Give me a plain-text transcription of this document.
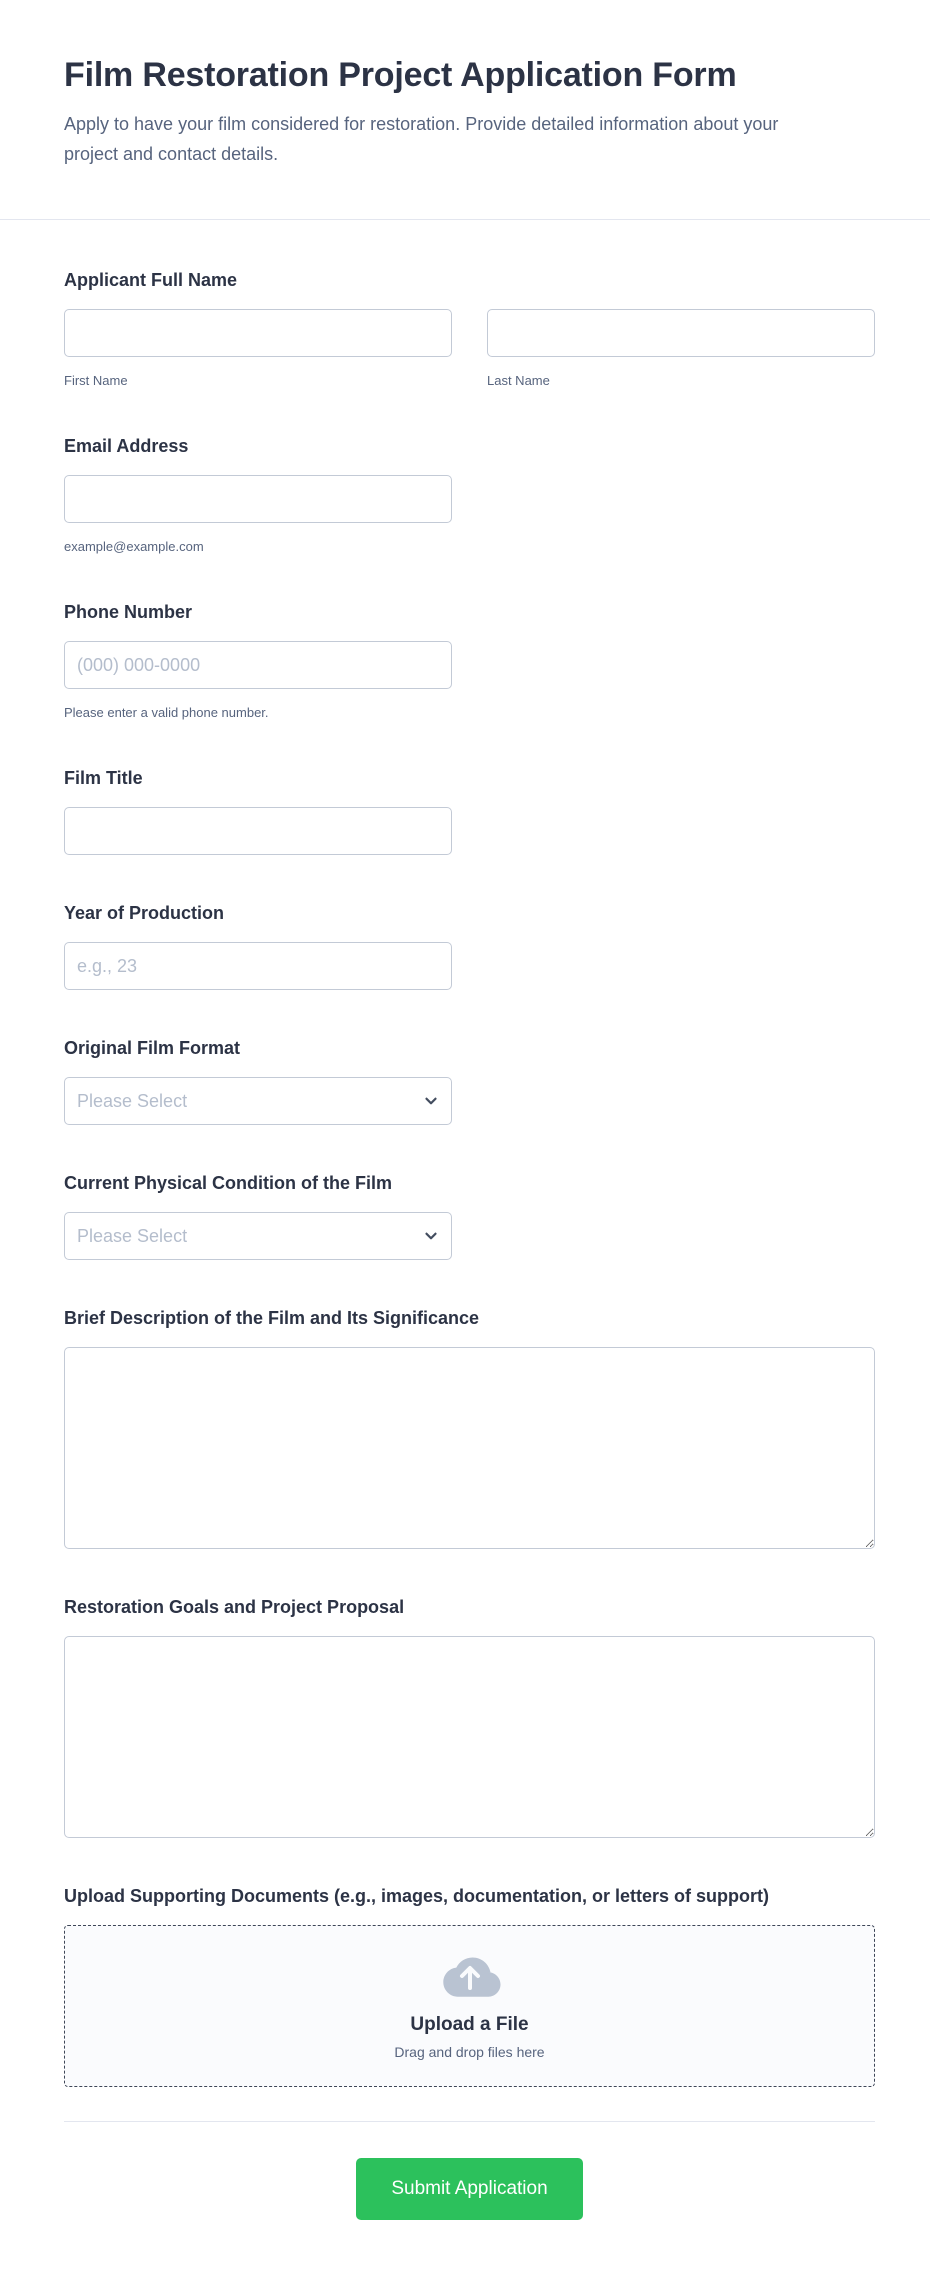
Film Restoration Project Application Form
Apply to have your film considered for restoration. Provide detailed information about your project and contact details.
Applicant Full Name
First Name	Last Name
Email Address
example@example.com
Phone Number
(000) 000-0000
Please enter a valid phone number.
Film Title
Year of Production
e.g., 23
Original Film Format
Please Select
Current Physical Condition of the Film
Please Select
Brief Description of the Film and Its Significance
Restoration Goals and Project Proposal
Upload Supporting Documents (e.g., images, documentation, or letters of support)
Upload a File
Drag and drop files here
Submit Application
